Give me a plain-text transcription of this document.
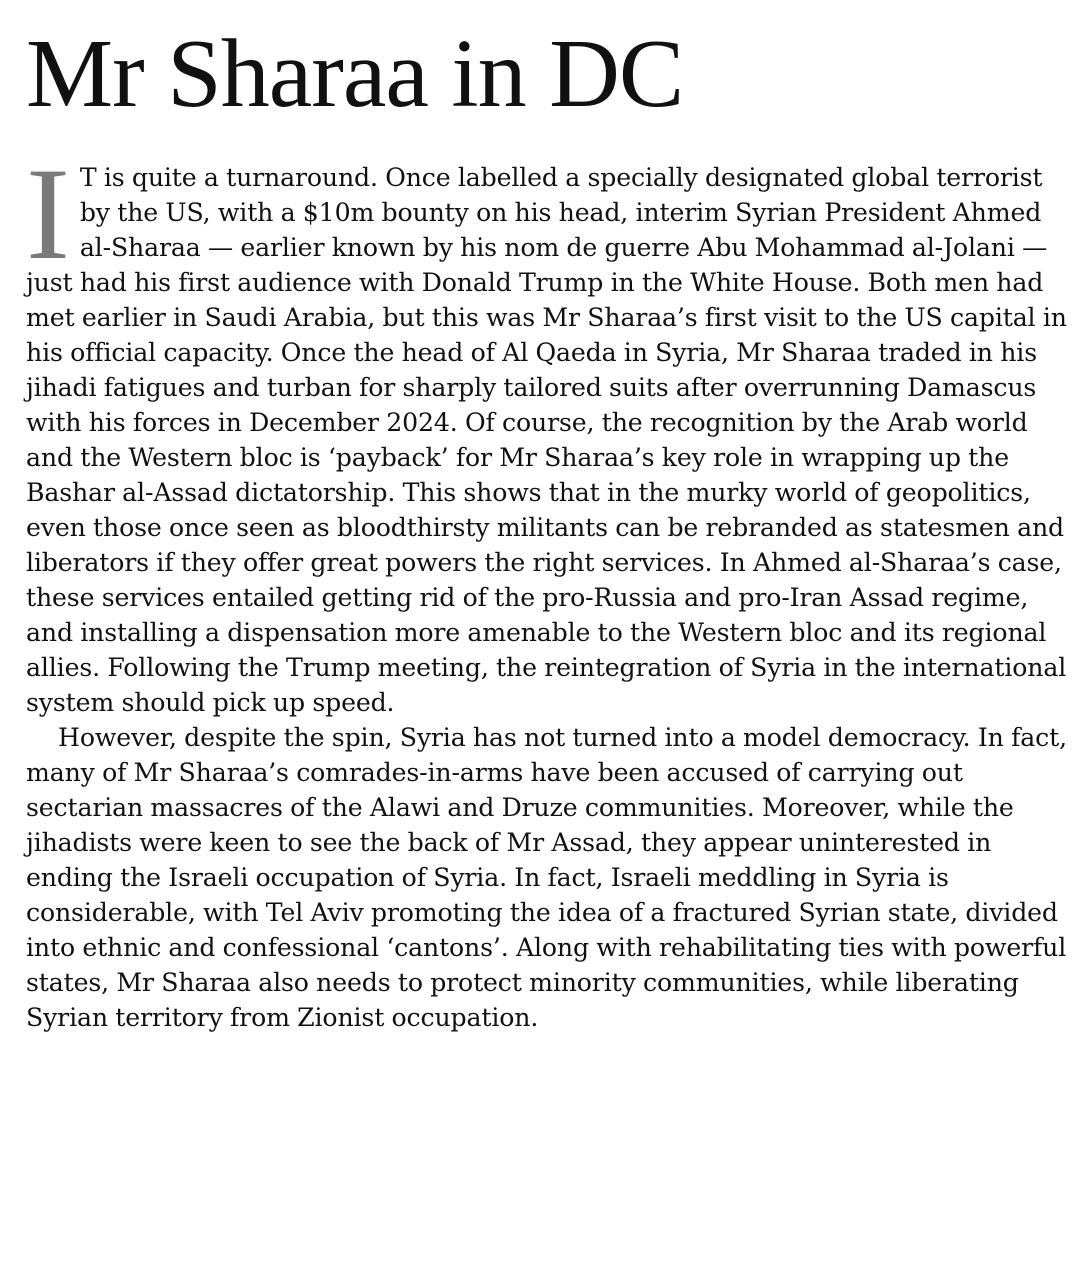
Mr Sharaa in DC

I T is quite a turnaround. Once labelled a specially designated global terrorist by the US, with a $10m bounty on his head, interim Syrian President Ahmed al-Sharaa — earlier known by his nom de guerre Abu Mohammad al-Jolani — just had his first audience with Donald Trump in the White House. Both men had met earlier in Saudi Arabia, but this was Mr Sharaa’s first visit to the US capital in his official capacity. Once the head of Al Qaeda in Syria, Mr Sharaa traded in his jihadi fatigues and turban for sharply tailored suits after overrunning Damascus with his forces in December 2024. Of course, the recognition by the Arab world and the Western bloc is ‘payback’ for Mr Sharaa’s key role in wrapping up the Bashar al-Assad dictatorship. This shows that in the murky world of geopolitics, even those once seen as bloodthirsty militants can be rebranded as statesmen and liberators if they offer great powers the right services. In Ahmed al-Sharaa’s case, these services entailed getting rid of the pro-Russia and pro-Iran Assad regime, and installing a dispensation more amenable to the Western bloc and its regional allies. Following the Trump meeting, the reintegration of Syria in the international system should pick up speed.

However, despite the spin, Syria has not turned into a model democracy. In fact, many of Mr Sharaa’s comrades-in-arms have been accused of carrying out sectarian massacres of the Alawi and Druze communities. Moreover, while the jihadists were keen to see the back of Mr Assad, they appear uninterested in ending the Israeli occupation of Syria. In fact, Israeli meddling in Syria is considerable, with Tel Aviv promoting the idea of a fractured Syrian state, divided into ethnic and confessional ‘cantons’. Along with rehabilitating ties with powerful states, Mr Sharaa also needs to protect minority communities, while liberating Syrian territory from Zionist occupation.
